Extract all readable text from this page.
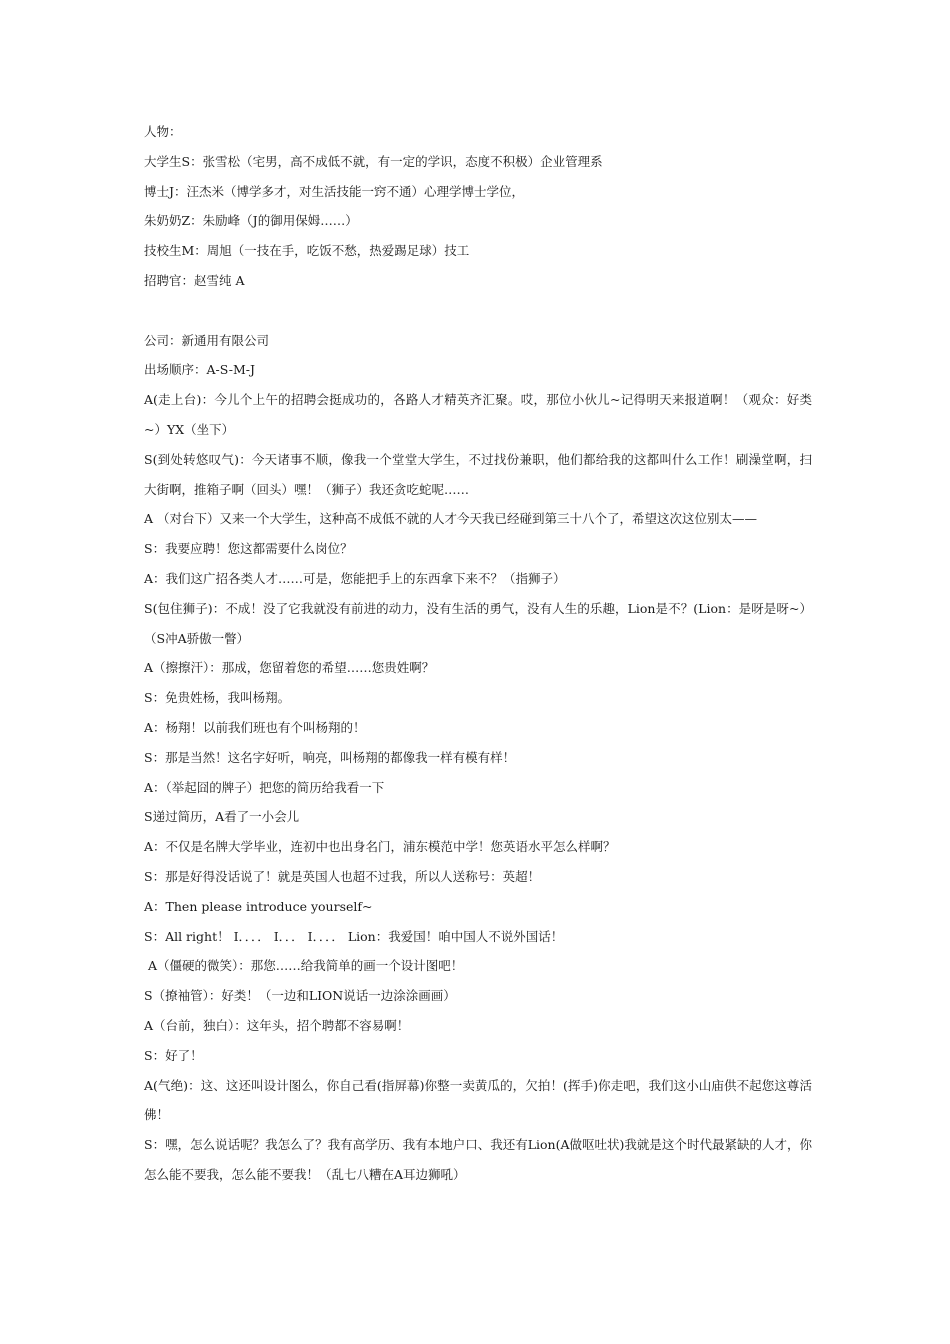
人物：

大学生S：张雪松（宅男，高不成低不就，有一定的学识，态度不积极）企业管理系

博士J：汪杰米（博学多才，对生活技能一窍不通）心理学博士学位，

朱奶奶Z：朱励峰（J的御用保姆……）

技校生M：周旭（一技在手，吃饭不愁，热爱踢足球）技工

招聘官：赵雪纯 A

公司：新通用有限公司

出场顺序：A-S-M-J

A(走上台)：今儿个上午的招聘会挺成功的，各路人才精英齐汇聚。哎，那位小伙儿~记得明天来报道啊！（观众：好类~）YX（坐下）

S(到处转悠叹气)：今天诸事不顺，像我一个堂堂大学生，不过找份兼职，他们都给我的这都叫什么工作！刷澡堂啊，扫大街啊，推箱子啊（回头）嘿！（狮子）我还贪吃蛇呢……

A （对台下）又来一个大学生，这种高不成低不就的人才今天我已经碰到第三十八个了，希望这次这位别太——

S：我要应聘！您这都需要什么岗位？

A：我们这广招各类人才……可是，您能把手上的东西拿下来不？（指狮子）

S(包住狮子)：不成！没了它我就没有前进的动力，没有生活的勇气，没有人生的乐趣，Lion是不？(Lion：是呀是呀~）（S冲A骄傲一瞥）

A（擦擦汗）：那成，您留着您的希望……您贵姓啊？

S：免贵姓杨，我叫杨翔。

A：杨翔！以前我们班也有个叫杨翔的！

S：那是当然！这名字好听，响亮，叫杨翔的都像我一样有模有样！

A：（举起囧的牌子）把您的简历给我看一下

S递过简历，A看了一小会儿

A：不仅是名牌大学毕业，连初中也出身名门，浦东模范中学！您英语水平怎么样啊？

S：那是好得没话说了！就是英国人也超不过我，所以人送称号：英超！

A：Then please introduce yourself~

S：All right！ I．．．． I．．． I．．．． Lion：我爱国！咱中国人不说外国话！

A（僵硬的微笑）：那您……给我简单的画一个设计图吧！

S（撩袖管）：好类！（一边和LION说话一边涂涂画画）

A（台前，独白）：这年头，招个聘都不容易啊！

S：好了！

A(气绝)：这、这还叫设计图么，你自己看(指屏幕)你整一卖黄瓜的，欠拍！(挥手)你走吧，我们这小山庙供不起您这尊活佛！

S：嘿，怎么说话呢？我怎么了？我有高学历、我有本地户口、我还有Lion(A做呕吐状)我就是这个时代最紧缺的人才，你怎么能不要我，怎么能不要我！（乱七八糟在A耳边狮吼）
